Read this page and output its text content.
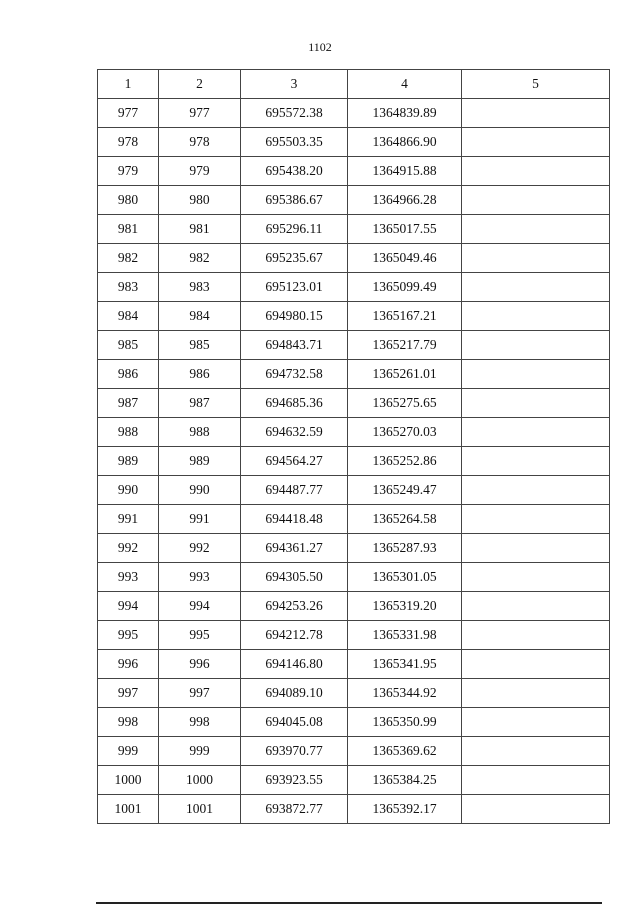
1102
1	2	3	4	5
977	977	695572.38	1364839.89	
978	978	695503.35	1364866.90	
979	979	695438.20	1364915.88	
980	980	695386.67	1364966.28	
981	981	695296.11	1365017.55	
982	982	695235.67	1365049.46	
983	983	695123.01	1365099.49	
984	984	694980.15	1365167.21	
985	985	694843.71	1365217.79	
986	986	694732.58	1365261.01	
987	987	694685.36	1365275.65	
988	988	694632.59	1365270.03	
989	989	694564.27	1365252.86	
990	990	694487.77	1365249.47	
991	991	694418.48	1365264.58	
992	992	694361.27	1365287.93	
993	993	694305.50	1365301.05	
994	994	694253.26	1365319.20	
995	995	694212.78	1365331.98	
996	996	694146.80	1365341.95	
997	997	694089.10	1365344.92	
998	998	694045.08	1365350.99	
999	999	693970.77	1365369.62	
1000	1000	693923.55	1365384.25	
1001	1001	693872.77	1365392.17	
